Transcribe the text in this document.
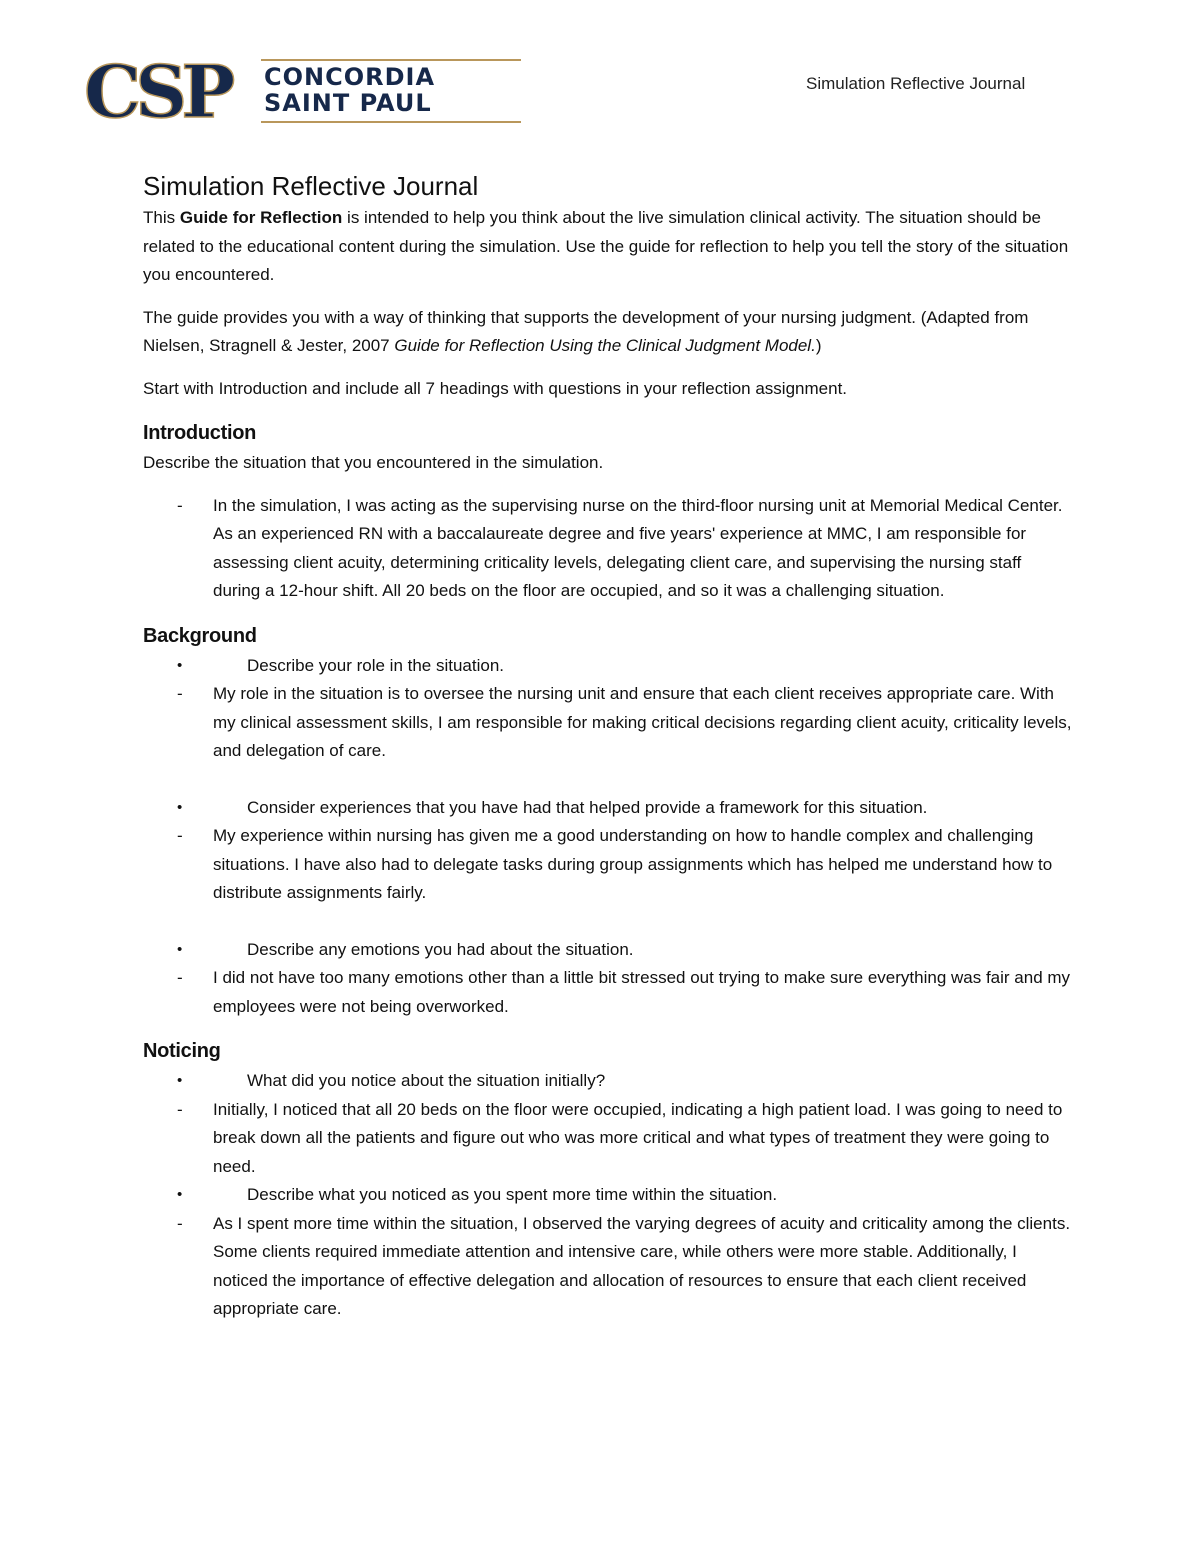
CSP CONCORDIA
SAINT PAUL
Simulation Reflective Journal
Simulation Reflective Journal

This Guide for Reflection is intended to help you think about the live simulation clinical activity. The situation should be related to the educational content during the simulation. Use the guide for reflection to help you tell the story of the situation you encountered.

The guide provides you with a way of thinking that supports the development of your nursing judgment. (Adapted from Nielsen, Stragnell & Jester, 2007 Guide for Reflection Using the Clinical Judgment Model.)

Start with Introduction and include all 7 headings with questions in your reflection assignment.

Introduction
Describe the situation that you encountered in the simulation.
- In the simulation, I was acting as the supervising nurse on the third-floor nursing unit at Memorial Medical Center. As an experienced RN with a baccalaureate degree and five years' experience at MMC, I am responsible for assessing client acuity, determining criticality levels, delegating client care, and supervising the nursing staff during a 12-hour shift. All 20 beds on the floor are occupied, and so it was a challenging situation.
Background
•	Describe your role in the situation.
- My role in the situation is to oversee the nursing unit and ensure that each client receives appropriate care. With my clinical assessment skills, I am responsible for making critical decisions regarding client acuity, criticality levels, and delegation of care.
•	Consider experiences that you have had that helped provide a framework for this situation.
- My experience within nursing has given me a good understanding on how to handle complex and challenging situations. I have also had to delegate tasks during group assignments which has helped me understand how to distribute assignments fairly.
•	Describe any emotions you had about the situation.
- I did not have too many emotions other than a little bit stressed out trying to make sure everything was fair and my employees were not being overworked.
Noticing
•	What did you notice about the situation initially?
- Initially, I noticed that all 20 beds on the floor were occupied, indicating a high patient load. I was going to need to break down all the patients and figure out who was more critical and what types of treatment they were going to need.
•	Describe what you noticed as you spent more time within the situation.
- As I spent more time within the situation, I observed the varying degrees of acuity and criticality among the clients. Some clients required immediate attention and intensive care, while others were more stable. Additionally, I noticed the importance of effective delegation and allocation of resources to ensure that each client received appropriate care.
